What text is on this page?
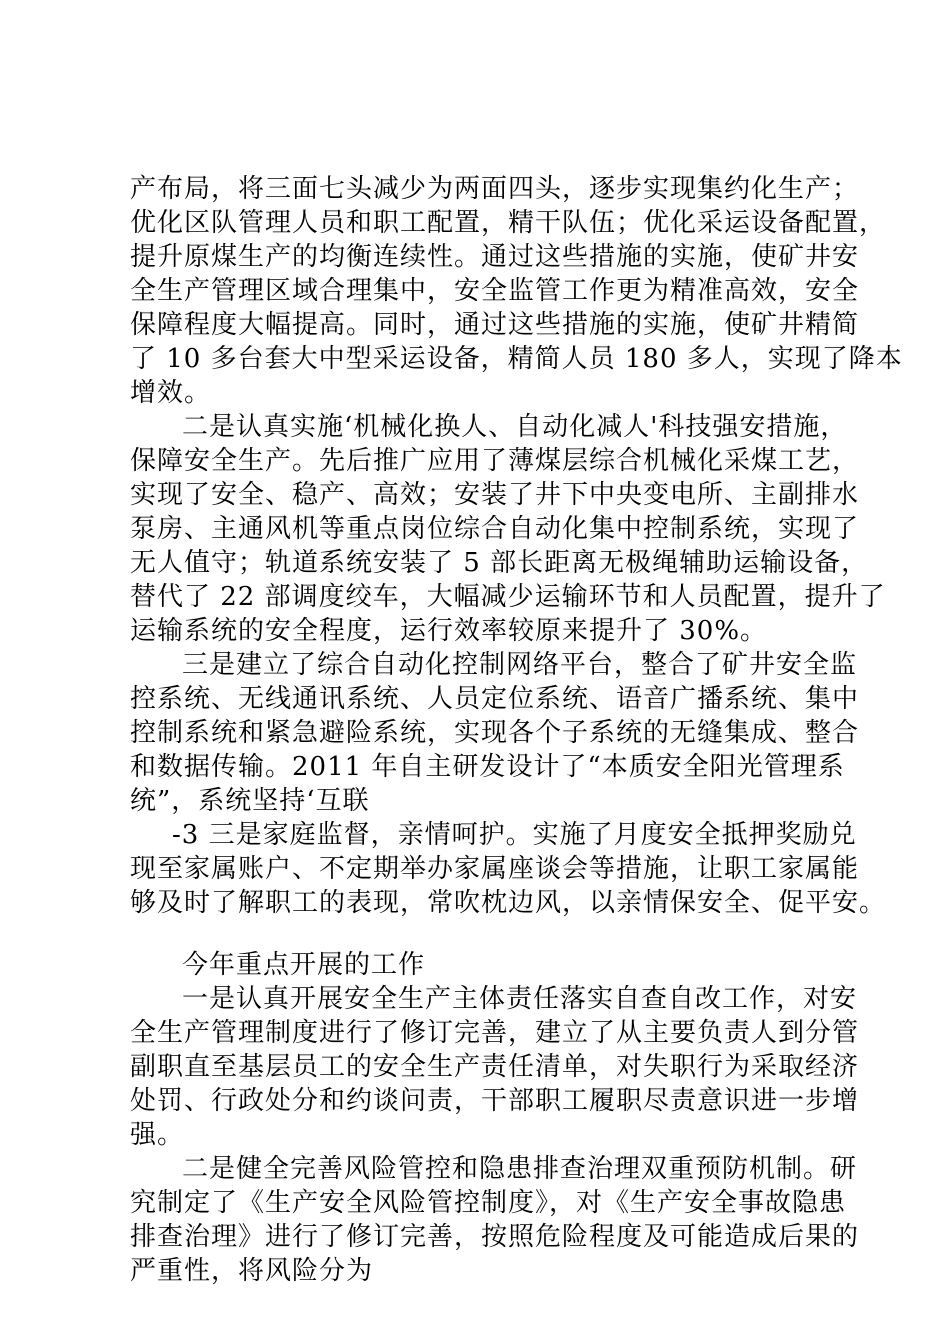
产布局，将三面七头减少为两面四头，逐步实现集约化生产；
优化区队管理人员和职工配置，精干队伍；优化采运设备配置，
提升原煤生产的均衡连续性。通过这些措施的实施，使矿井安
全生产管理区域合理集中，安全监管工作更为精准高效，安全
保障程度大幅提高。同时，通过这些措施的实施，使矿井精简
了 10 多台套大中型采运设备，精简人员 180 多人，实现了降本
增效。
二是认真实施‘机械化换人、自动化减人'科技强安措施，
保障安全生产。先后推广应用了薄煤层综合机械化采煤工艺，
实现了安全、稳产、高效；安装了井下中央变电所、主副排水
泵房、主通风机等重点岗位综合自动化集中控制系统，实现了
无人值守；轨道系统安装了 5 部长距离无极绳辅助运输设备，
替代了 22 部调度绞车，大幅减少运输环节和人员配置，提升了
运输系统的安全程度，运行效率较原来提升了 30%。
三是建立了综合自动化控制网络平台，整合了矿井安全监
控系统、无线通讯系统、人员定位系统、语音广播系统、集中
控制系统和紧急避险系统，实现各个子系统的无缝集成、整合
和数据传输。2011 年自主研发设计了“本质安全阳光管理系
统”，系统坚持‘互联
-3 三是家庭监督，亲情呵护。实施了月度安全抵押奖励兑
现至家属账户、不定期举办家属座谈会等措施，让职工家属能
够及时了解职工的表现，常吹枕边风，以亲情保安全、促平安。
今年重点开展的工作
一是认真开展安全生产主体责任落实自查自改工作，对安
全生产管理制度进行了修订完善，建立了从主要负责人到分管
副职直至基层员工的安全生产责任清单，对失职行为采取经济
处罚、行政处分和约谈问责，干部职工履职尽责意识进一步增
强。
二是健全完善风险管控和隐患排查治理双重预防机制。研
究制定了《生产安全风险管控制度》，对《生产安全事故隐患
排查治理》进行了修订完善，按照危险程度及可能造成后果的
严重性，将风险分为
